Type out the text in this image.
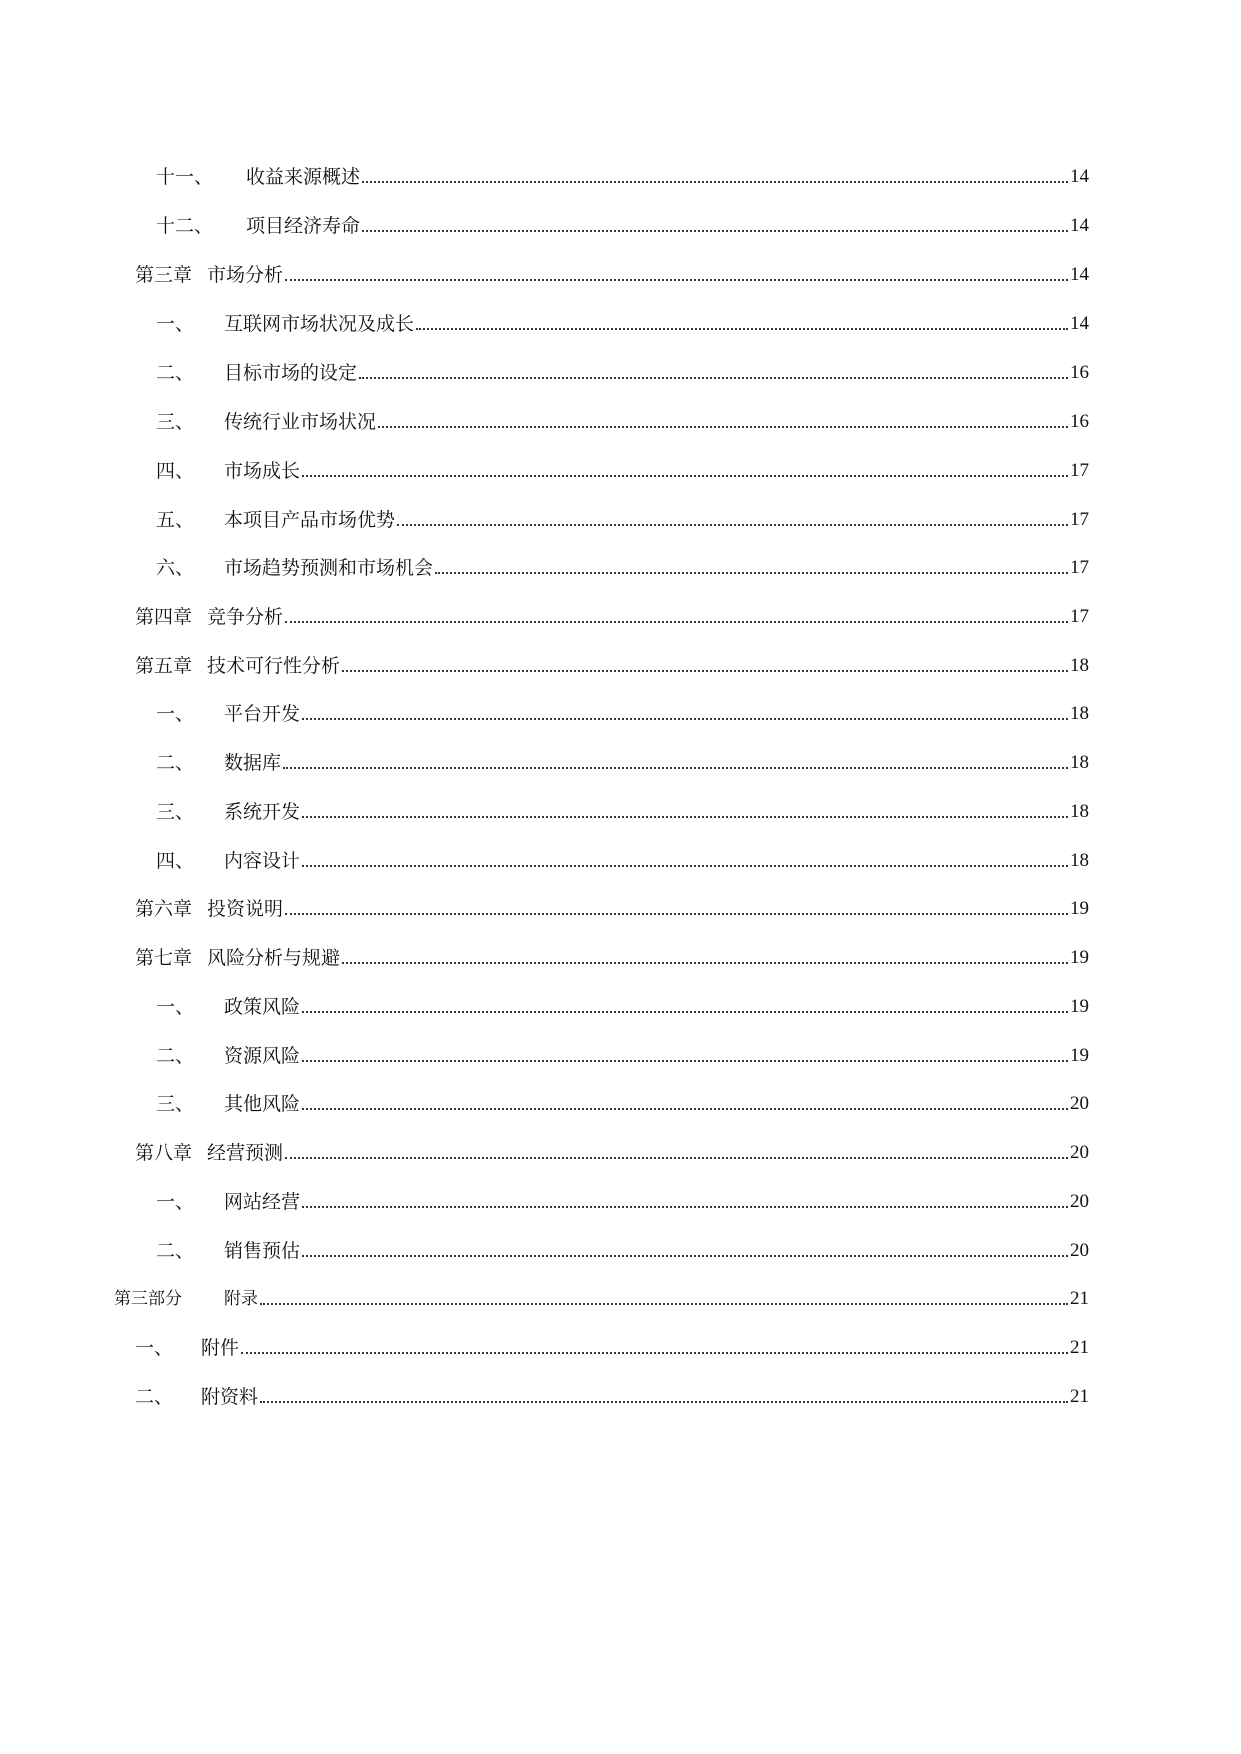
十一、	收益来源概述	14
十二、	项目经济寿命	14
第三章 市场分析	14
一、	互联网市场状况及成长	14
二、	目标市场的设定	16
三、	传统行业市场状况	16
四、	市场成长	17
五、	本项目产品市场优势	17
六、	市场趋势预测和市场机会	17
第四章 竞争分析	17
第五章 技术可行性分析	18
一、	平台开发	18
二、	数据库	18
三、	系统开发	18
四、	内容设计	18
第六章 投资说明	19
第七章 风险分析与规避	19
一、	政策风险	19
二、	资源风险	19
三、	其他风险	20
第八章 经营预测	20
一、	网站经营	20
二、	销售预估	20
第三部分	附录	21
一、	附件	21
二、	附资料	21
